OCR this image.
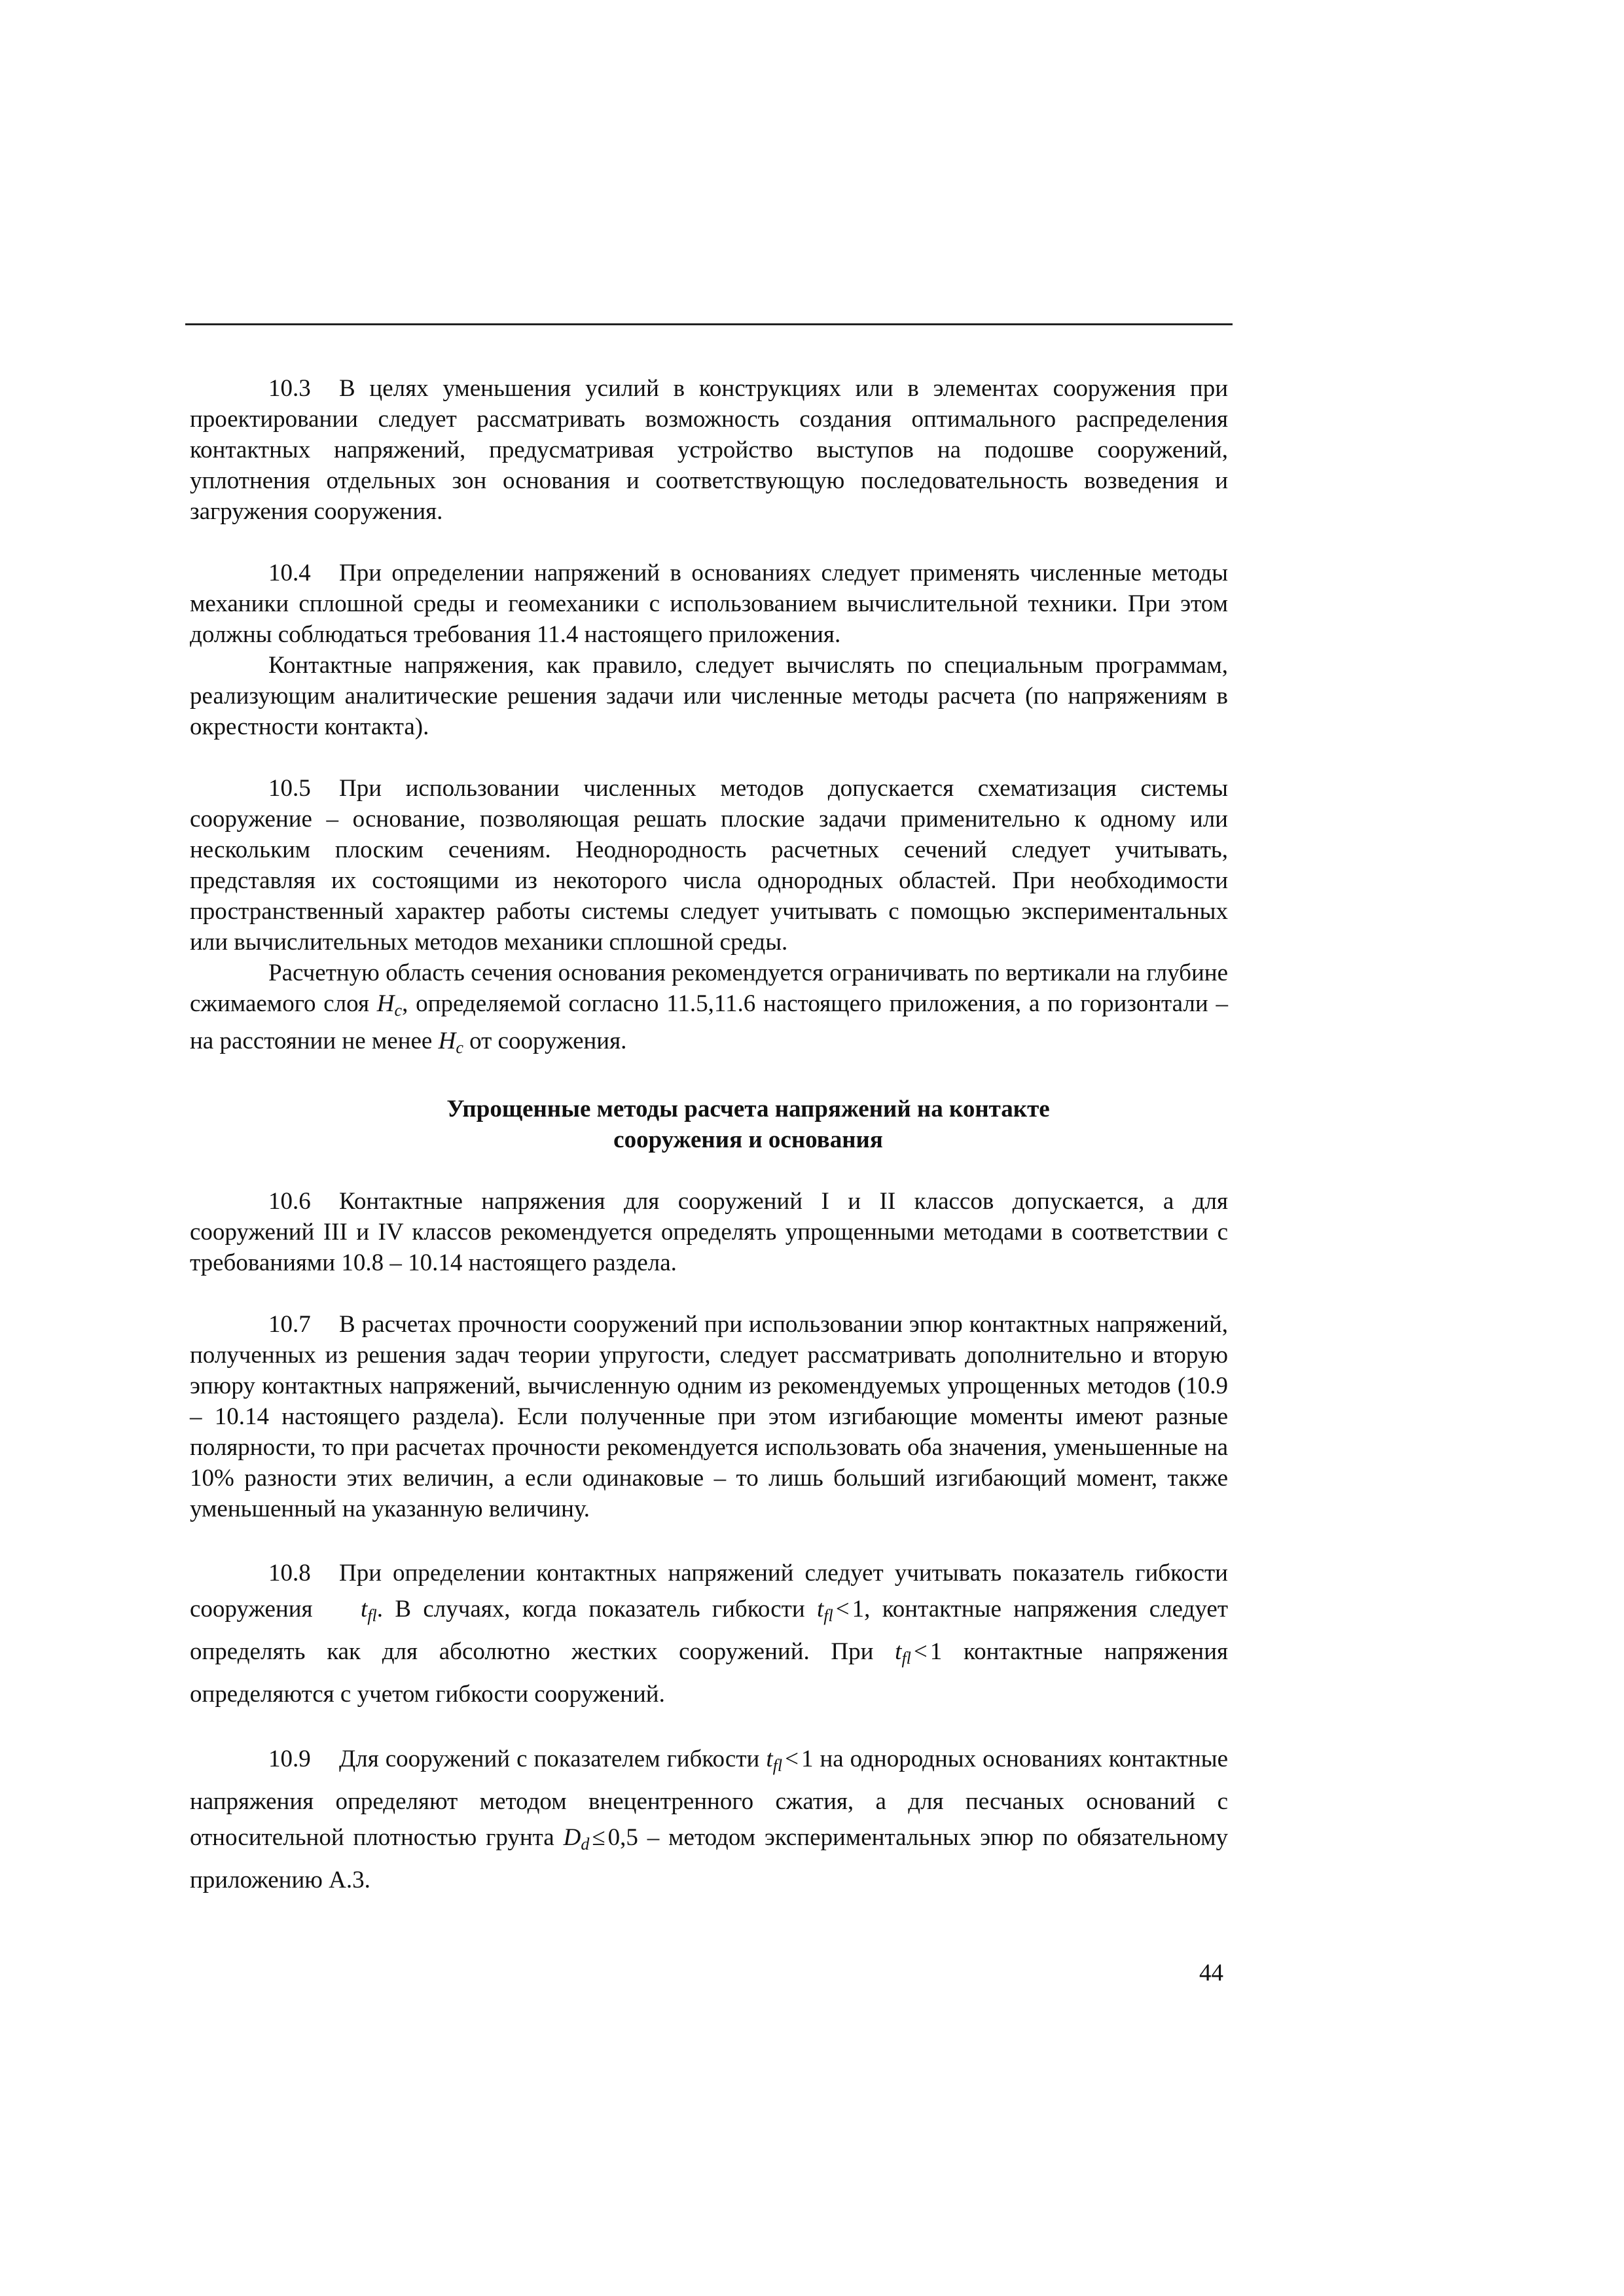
10.3 В целях уменьшения усилий в конструкциях или в элементах сооружения при проектировании следует рассматривать возможность создания оптимального распределения контактных напряжений, предусматривая устройство выступов на подошве сооружений, уплотнения отдельных зон основания и соответствующую последовательность возведения и загружения сооружения.

10.4 При определении напряжений в основаниях следует применять численные методы механики сплошной среды и геомеханики с использованием вычислительной техники. При этом должны соблюдаться требования 11.4 настоящего приложения.

Контактные напряжения, как правило, следует вычислять по специальным программам, реализующим аналитические решения задачи или численные методы расчета (по напряжениям в окрестности контакта).

10.5 При использовании численных методов допускается схематизация системы сооружение – основание, позволяющая решать плоские задачи применительно к одному или нескольким плоским сечениям. Неоднородность расчетных сечений следует учитывать, представляя их состоящими из некоторого числа однородных областей. При необходимости пространственный характер работы системы следует учитывать с помощью экспериментальных или вычислительных методов механики сплошной среды.

Расчетную область сечения основания рекомендуется ограничивать по вертикали на глубине сжимаемого слоя $H_c$, определяемой согласно 11.5,11.6 настоящего приложения, а по горизонтали – на расстоянии не менее $H_c$ от сооружения.

Упрощенные методы расчета напряжений на контакте

сооружения и основания

10.6 Контактные напряжения для сооружений I и II классов допускается, а для сооружений III и IV классов рекомендуется определять упрощенными методами в соответствии с требованиями 10.8 – 10.14 настоящего раздела.

10.7 В расчетах прочности сооружений при использовании эпюр контактных напряжений, полученных из решения задач теории упругости, следует рассматривать дополнительно и вторую эпюру контактных напряжений, вычисленную одним из рекомендуемых упрощенных методов (10.9 – 10.14 настоящего раздела). Если полученные при этом изгибающие моменты имеют разные полярности, то при расчетах прочности рекомендуется использовать оба значения, уменьшенные на 10% разности этих величин, а если одинаковые – то лишь больший изгибающий момент, также уменьшенный на указанную величину.

10.8 При определении контактных напряжений следует учитывать показатель гибкости сооружения $t_{fl}$. В случаях, когда показатель гибкости $t_{fl} < 1$, контактные напряжения следует определять как для абсолютно жестких сооружений. При $t_{fl} < 1$ контактные напряжения определяются с учетом гибкости сооружений.

10.9 Для сооружений с показателем гибкости $t_{fl} < 1$ на однородных основаниях контактные напряжения определяют методом внецентренного сжатия, а для песчаных оснований с относительной плотностью грунта $D_d \le 0,5$ – методом экспериментальных эпюр по обязательному приложению А.3.

44
